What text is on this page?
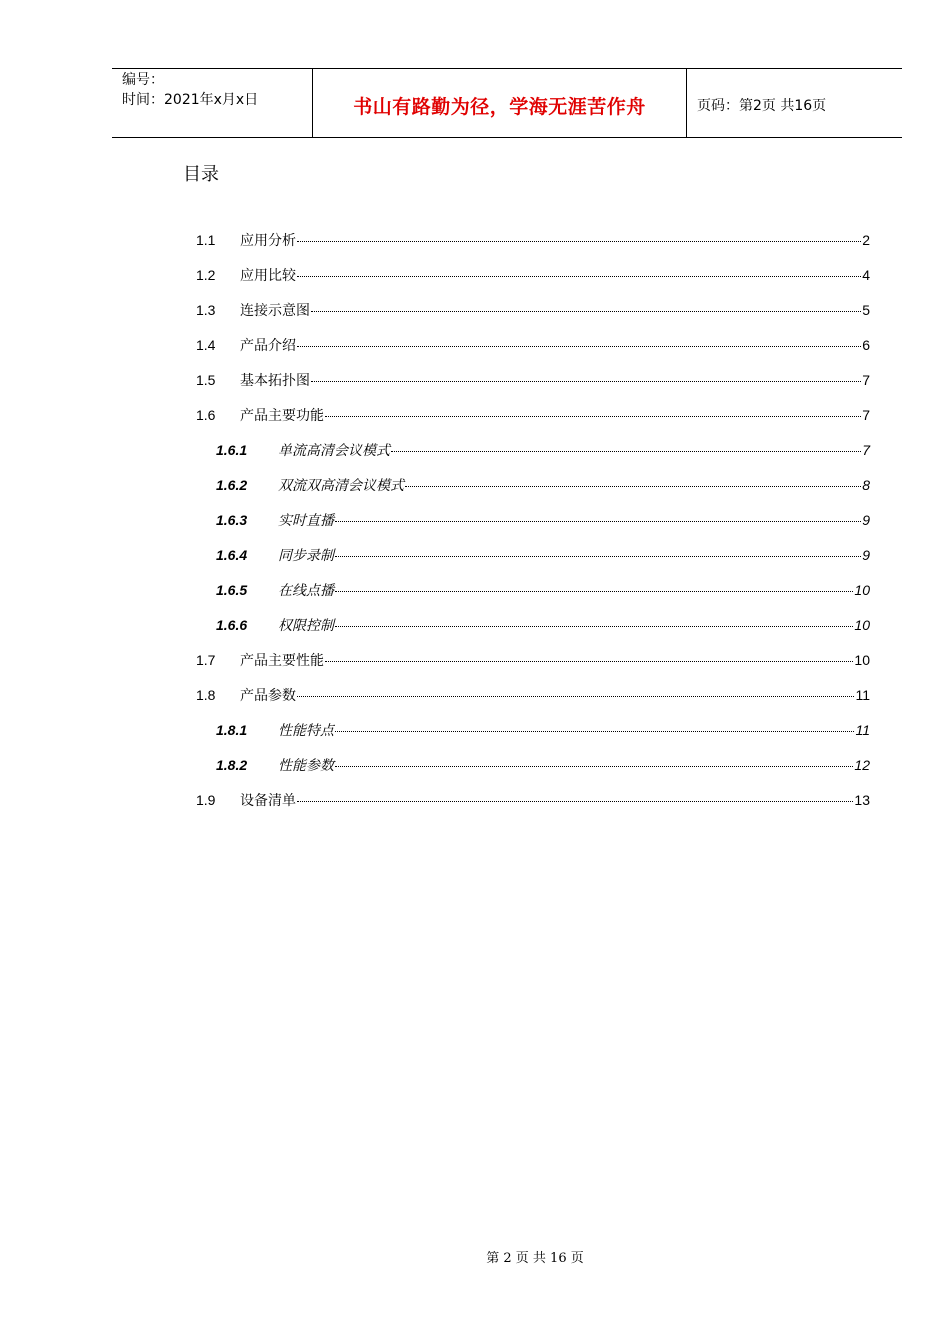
编号：
时间：2021年x月x日	书山有路勤为径，学海无涯苦作舟	页码：第2页 共16页
目录
1.1	应用分析	2
1.2	应用比较	4
1.3	连接示意图	5
1.4	产品介绍	6
1.5	基本拓扑图	7
1.6	产品主要功能	7
1.6.1	单流高清会议模式	7
1.6.2	双流双高清会议模式	8
1.6.3	实时直播	9
1.6.4	同步录制	9
1.6.5	在线点播	10
1.6.6	权限控制	10
1.7	产品主要性能	10
1.8	产品参数	11
1.8.1	性能特点	11
1.8.2	性能参数	12
1.9	设备清单	13
第 2 页 共 16 页
